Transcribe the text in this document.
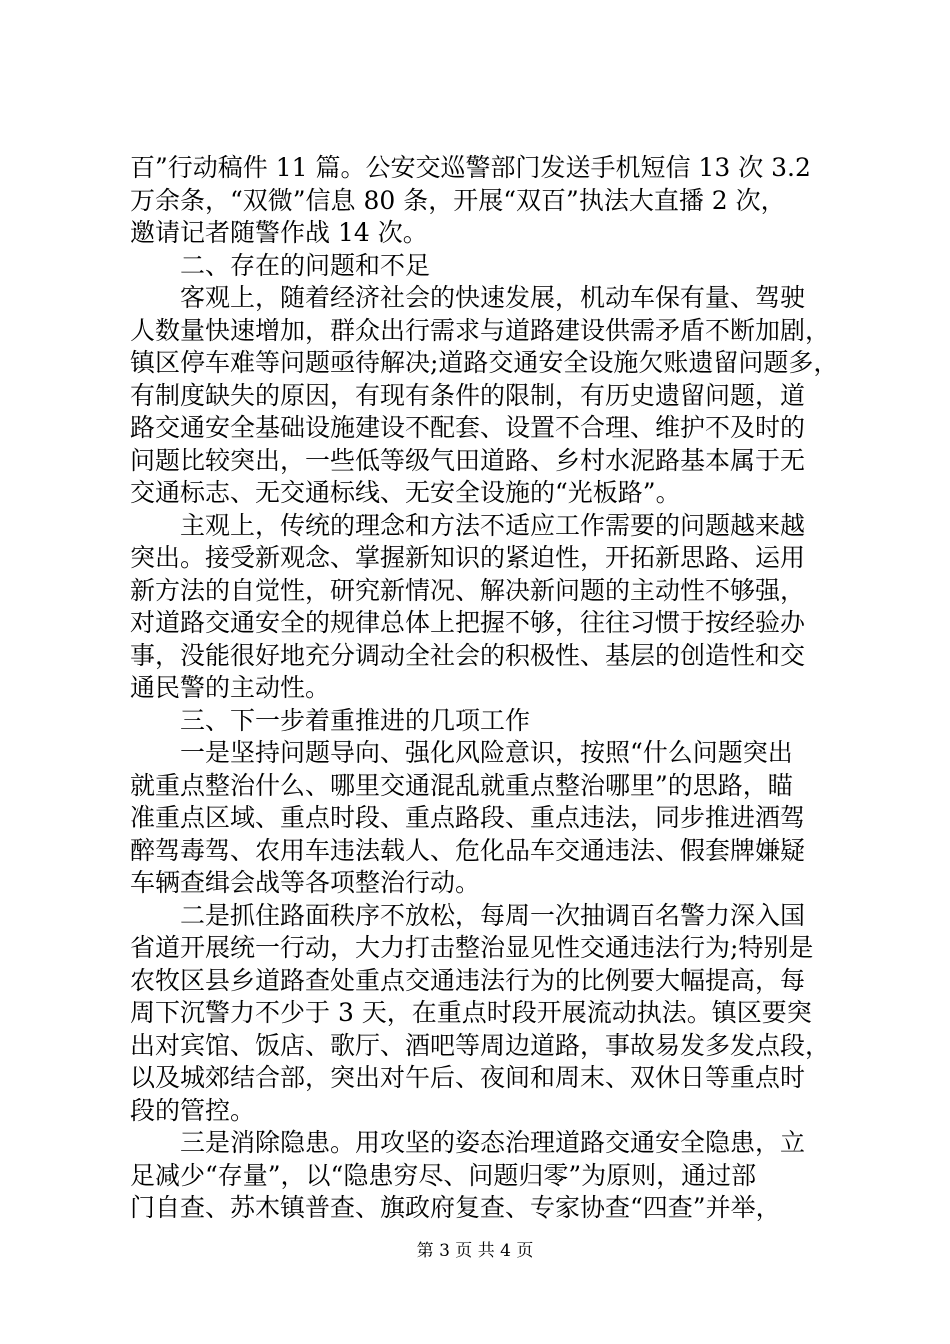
百”行动稿件 11 篇。公安交巡警部门发送手机短信 13 次 3.2
万余条，“双微”信息 80 条，开展“双百”执法大直播 2 次，
邀请记者随警作战 14 次。
二、存在的问题和不足
客观上，随着经济社会的快速发展，机动车保有量、驾驶
人数量快速增加，群众出行需求与道路建设供需矛盾不断加剧，
镇区停车难等问题亟待解决;道路交通安全设施欠账遗留问题多，
有制度缺失的原因，有现有条件的限制，有历史遗留问题，道
路交通安全基础设施建设不配套、设置不合理、维护不及时的
问题比较突出，一些低等级气田道路、乡村水泥路基本属于无
交通标志、无交通标线、无安全设施的“光板路”。
主观上，传统的理念和方法不适应工作需要的问题越来越
突出。接受新观念、掌握新知识的紧迫性，开拓新思路、运用
新方法的自觉性，研究新情况、解决新问题的主动性不够强，
对道路交通安全的规律总体上把握不够，往往习惯于按经验办
事，没能很好地充分调动全社会的积极性、基层的创造性和交
通民警的主动性。
三、下一步着重推进的几项工作
一是坚持问题导向、强化风险意识，按照“什么问题突出
就重点整治什么、哪里交通混乱就重点整治哪里”的思路，瞄
准重点区域、重点时段、重点路段、重点违法，同步推进酒驾
醉驾毒驾、农用车违法载人、危化品车交通违法、假套牌嫌疑
车辆查缉会战等各项整治行动。
二是抓住路面秩序不放松，每周一次抽调百名警力深入国
省道开展统一行动，大力打击整治显见性交通违法行为;特别是
农牧区县乡道路查处重点交通违法行为的比例要大幅提高，每
周下沉警力不少于 3 天，在重点时段开展流动执法。镇区要突
出对宾馆、饭店、歌厅、酒吧等周边道路，事故易发多发点段，
以及城郊结合部，突出对午后、夜间和周末、双休日等重点时
段的管控。
三是消除隐患。用攻坚的姿态治理道路交通安全隐患，立
足减少“存量”，以“隐患穷尽、问题归零”为原则，通过部
门自查、苏木镇普查、旗政府复查、专家协查“四查”并举，
第 3 页 共 4 页
